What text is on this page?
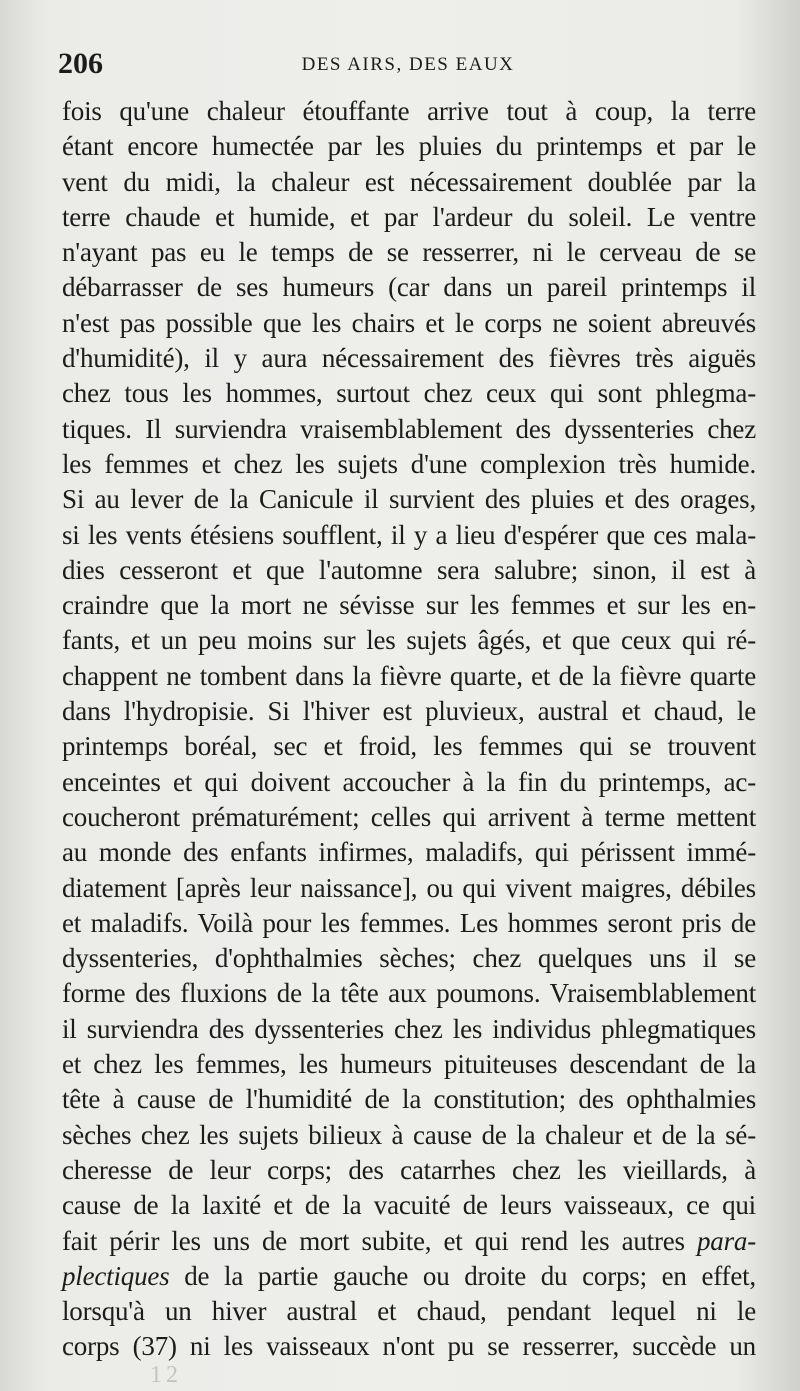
206	DES AIRS, DES EAUX
fois qu'une chaleur étouffante arrive tout à coup, la terre
étant encore humectée par les pluies du printemps et par le
vent du midi, la chaleur est nécessairement doublée par la
terre chaude et humide, et par l'ardeur du soleil. Le ventre
n'ayant pas eu le temps de se resserrer, ni le cerveau de se
débarrasser de ses humeurs (car dans un pareil printemps il
n'est pas possible que les chairs et le corps ne soient abreuvés
d'humidité), il y aura nécessairement des fièvres très aiguës
chez tous les hommes, surtout chez ceux qui sont phlegma-
tiques. Il surviendra vraisemblablement des dyssenteries chez
les femmes et chez les sujets d'une complexion très humide.
Si au lever de la Canicule il survient des pluies et des orages,
si les vents étésiens soufflent, il y a lieu d'espérer que ces mala-
dies cesseront et que l'automne sera salubre; sinon, il est à
craindre que la mort ne sévisse sur les femmes et sur les en-
fants, et un peu moins sur les sujets âgés, et que ceux qui ré-
chappent ne tombent dans la fièvre quarte, et de la fièvre quarte
dans l'hydropisie. Si l'hiver est pluvieux, austral et chaud, le
printemps boréal, sec et froid, les femmes qui se trouvent
enceintes et qui doivent accoucher à la fin du printemps, ac-
coucheront prématurément; celles qui arrivent à terme mettent
au monde des enfants infirmes, maladifs, qui périssent immé-
diatement [après leur naissance], ou qui vivent maigres, débiles
et maladifs. Voilà pour les femmes. Les hommes seront pris de
dyssenteries, d'ophthalmies sèches; chez quelques uns il se
forme des fluxions de la tête aux poumons. Vraisemblablement
il surviendra des dyssenteries chez les individus phlegmatiques
et chez les femmes, les humeurs pituiteuses descendant de la
tête à cause de l'humidité de la constitution; des ophthalmies
sèches chez les sujets bilieux à cause de la chaleur et de la sé-
cheresse de leur corps; des catarrhes chez les vieillards, à
cause de la laxité et de la vacuité de leurs vaisseaux, ce qui
fait périr les uns de mort subite, et qui rend les autres para-
plectiques de la partie gauche ou droite du corps; en effet,
lorsqu'à un hiver austral et chaud, pendant lequel ni le
corps (37) ni les vaisseaux n'ont pu se resserrer, succède un
12
